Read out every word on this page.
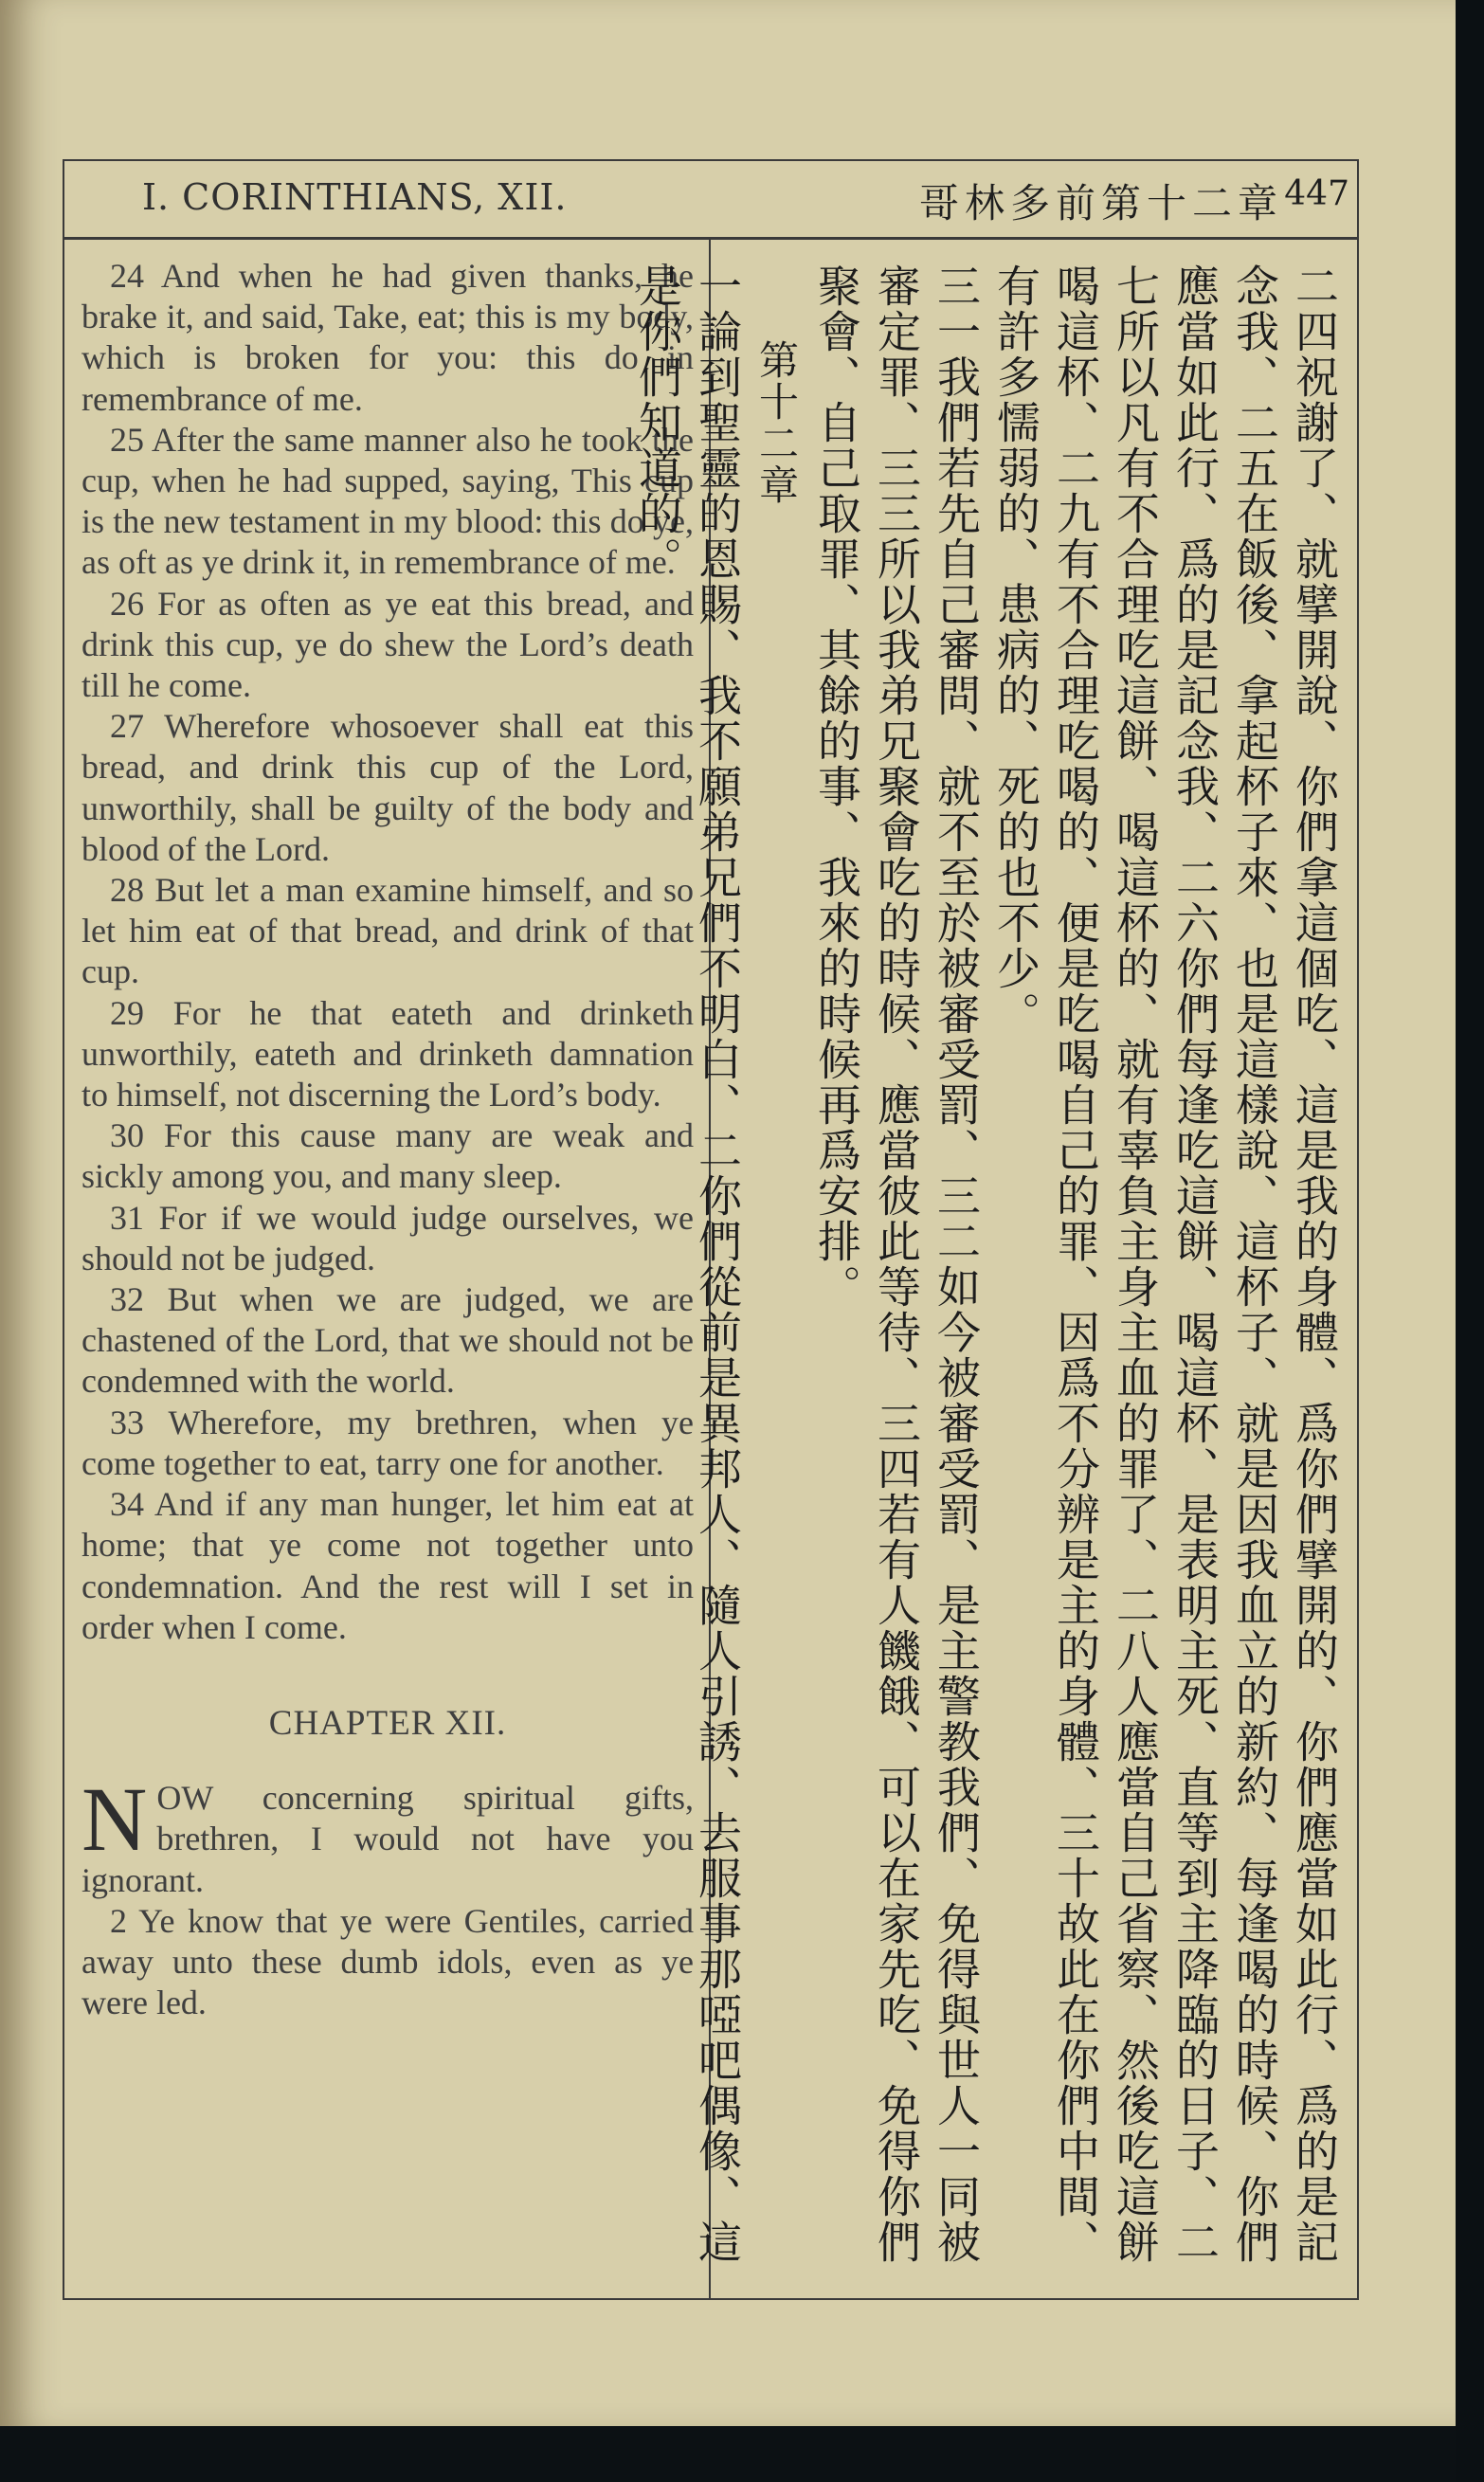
I. CORINTHIANS, XII.	哥林多前第十二章 447

24 And when he had given thanks, he brake it, and said, Take, eat; this is my body, which is broken for you: this do in remembrance of me.

25 After the same manner also he took the cup, when he had supped, saying, This cup is the new testament in my blood: this do ye, as oft as ye drink it, in remembrance of me.

26 For as often as ye eat this bread, and drink this cup, ye do shew the Lord’s death till he come.

27 Wherefore whosoever shall eat this bread, and drink this cup of the Lord, unworthily, shall be guilty of the body and blood of the Lord.

28 But let a man examine himself, and so let him eat of that bread, and drink of that cup.

29 For he that eateth and drinketh unworthily, eateth and drinketh damnation to himself, not discerning the Lord’s body.

30 For this cause many are weak and sickly among you, and many sleep.

31 For if we would judge ourselves, we should not be judged.

32 But when we are judged, we are chastened of the Lord, that we should not be condemned with the world.

33 Wherefore, my brethren, when ye come together to eat, tarry one for another.

34 And if any man hunger, let him eat at home; that ye come not together unto condemnation. And the rest will I set in order when I come.

CHAPTER XII.

NOW concerning spiritual gifts, brethren, I would not have you ignorant.

2 Ye know that ye were Gentiles, carried away unto these dumb idols, even as ye were led.	二四祝謝了、就擘開說、你們拿這個吃、這是我的身體、爲你們擘開的、你們應當如此行、爲的是記念我、二五在飯後、拿起杯子來、也是這樣說、這杯子、就是因我血立的新約、每逢喝的時候、你們應當如此行、爲的是記念我、二六你們每逢吃這餅、喝這杯、是表明主死、直等到主降臨的日子、二七所以凡有不合理吃這餅、喝這杯的、就有辜負主身主血的罪了、二八人應當自己省察、然後吃這餅喝這杯、二九有不合理吃喝的、便是吃喝自己的罪、因爲不分辨是主的身體、三十故此在你們中間、有許多懦弱的、患病的、死的也不少。

三一我們若先自己審問、就不至於被審受罰、三二如今被審受罰、是主警教我們、免得與世人一同被審定罪、三三所以我弟兄聚會吃的時候、應當彼此等待、三四若有人饑餓、可以在家先吃、免得你們聚會、自己取罪、其餘的事、我來的時候再爲安排。

第十二章

一論到聖靈的恩賜、我不願弟兄們不明白、二你們從前是異邦人、隨人引誘、去服事那啞吧偶像、這是你們知道的。
